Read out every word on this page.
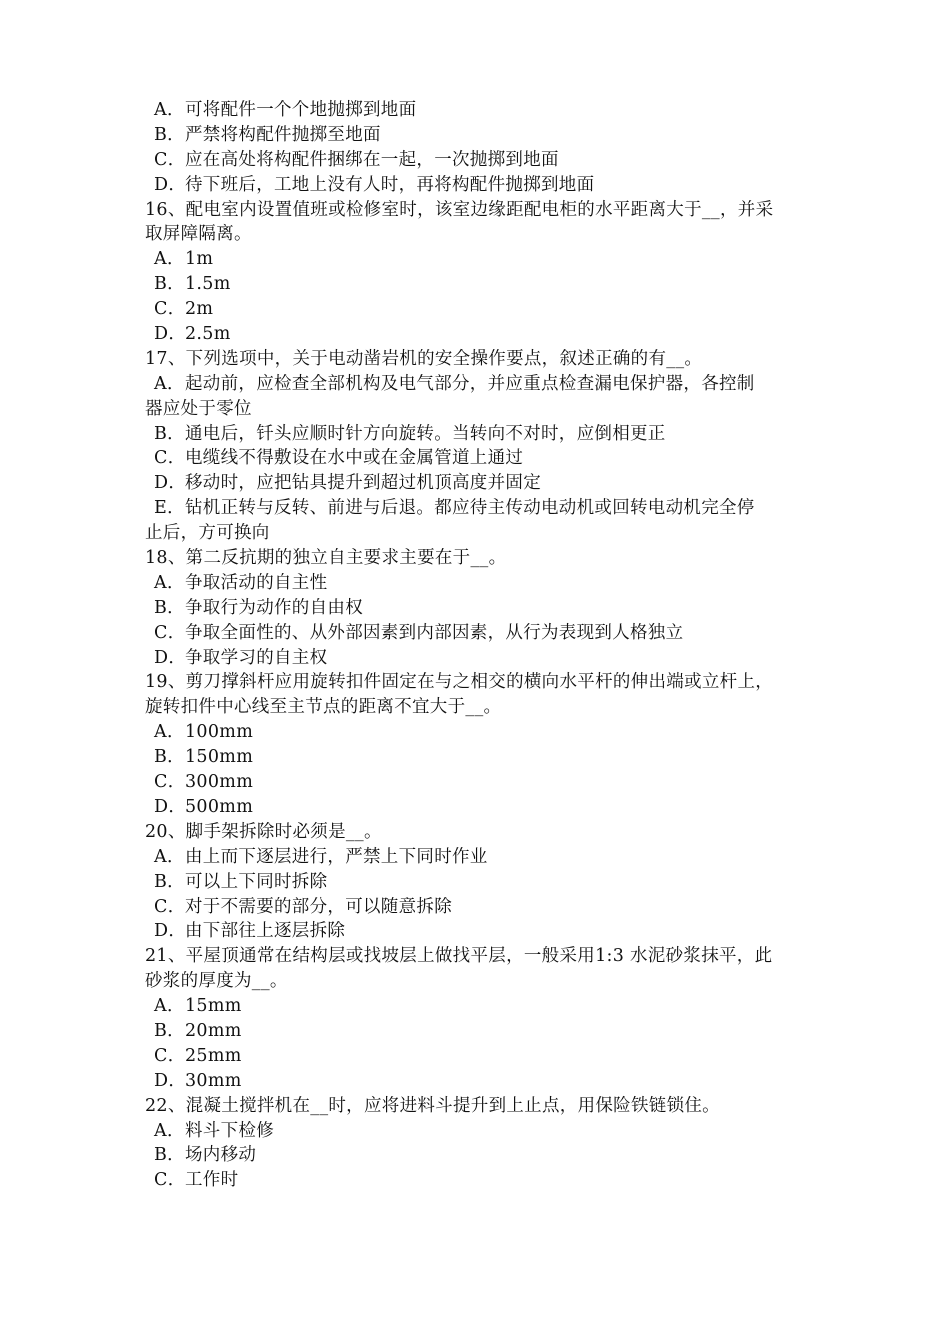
A．可将配件一个个地抛掷到地面
B．严禁将构配件抛掷至地面
C．应在高处将构配件捆绑在一起，一次抛掷到地面
D．待下班后，工地上没有人时，再将构配件抛掷到地面
16、配电室内设置值班或检修室时，该室边缘距配电柜的水平距离大于__，并采
取屏障隔离。
A．1m
B．1.5m
C．2m
D．2.5m
17、下列选项中，关于电动凿岩机的安全操作要点，叙述正确的有__。
A．起动前，应检查全部机构及电气部分，并应重点检查漏电保护器，各控制
器应处于零位
B．通电后，钎头应顺时针方向旋转。当转向不对时，应倒相更正
C．电缆线不得敷设在水中或在金属管道上通过
D．移动时，应把钻具提升到超过机顶高度并固定
E．钻机正转与反转、前进与后退。都应待主传动电动机或回转电动机完全停
止后，方可换向
18、第二反抗期的独立自主要求主要在于__。
A．争取活动的自主性
B．争取行为动作的自由权
C．争取全面性的、从外部因素到内部因素，从行为表现到人格独立
D．争取学习的自主权
19、剪刀撑斜杆应用旋转扣件固定在与之相交的横向水平杆的伸出端或立杆上，
旋转扣件中心线至主节点的距离不宜大于__。
A．100mm
B．150mm
C．300mm
D．500mm
20、脚手架拆除时必须是__。
A．由上而下逐层进行，严禁上下同时作业
B．可以上下同时拆除
C．对于不需要的部分，可以随意拆除
D．由下部往上逐层拆除
21、平屋顶通常在结构层或找坡层上做找平层，一般采用1:3 水泥砂浆抹平，此
砂浆的厚度为__。
A．15mm
B．20mm
C．25mm
D．30mm
22、混凝土搅拌机在__时，应将进料斗提升到上止点，用保险铁链锁住。
A．料斗下检修
B．场内移动
C．工作时
